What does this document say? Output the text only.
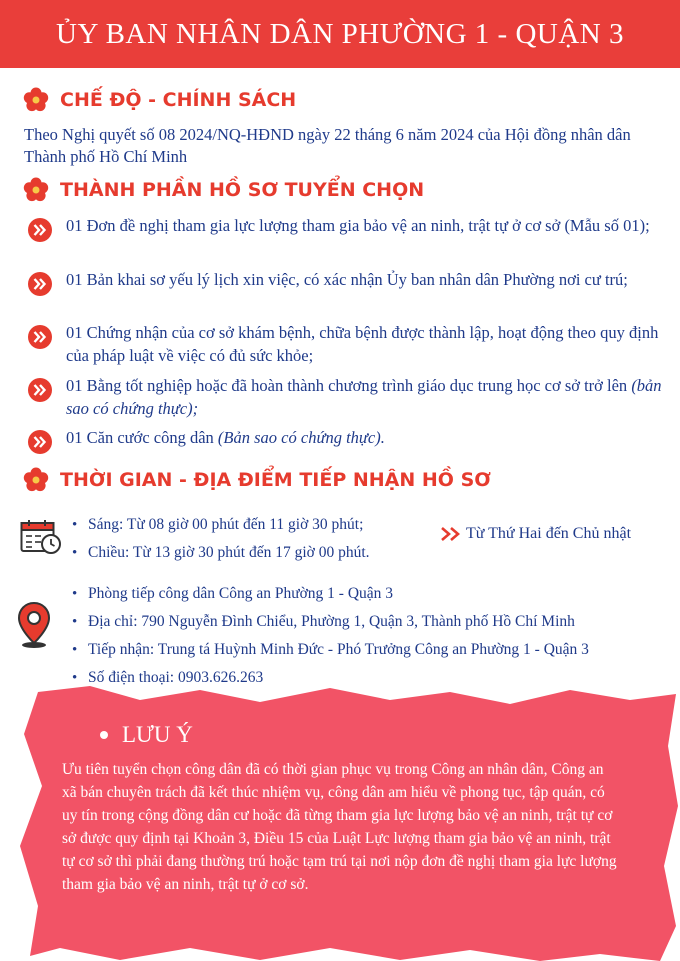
ỦY BAN NHÂN DÂN PHƯỜNG 1 - QUẬN 3
CHẾ ĐỘ - CHÍNH SÁCH
Theo Nghị quyết số 08 2024/NQ-HĐND ngày 22 tháng 6 năm 2024 của Hội đồng nhân dân Thành phố Hồ Chí Minh
THÀNH PHẦN HỒ SƠ TUYỂN CHỌN
01 Đơn đề nghị tham gia lực lượng tham gia bảo vệ an ninh, trật tự ở cơ sở (Mẫu số 01);
01 Bản khai sơ yếu lý lịch xin việc, có xác nhận Ủy ban nhân dân Phường nơi cư trú;
01 Chứng nhận của cơ sở khám bệnh, chữa bệnh được thành lập, hoạt động theo quy định của pháp luật về việc có đủ sức khỏe;
01 Bằng tốt nghiệp hoặc đã hoàn thành chương trình giáo dục trung học cơ sở trở lên (bản sao có chứng thực);
01 Căn cước công dân (Bản sao có chứng thực).
THỜI GIAN - ĐỊA ĐIỂM TIẾP NHẬN HỒ SƠ
• Sáng: Từ 08 giờ 00 phút đến 11 giờ 30 phút;
• Chiều: Từ 13 giờ 30 phút đến 17 giờ 00 phút.
Từ Thứ Hai đến Chủ nhật
• Phòng tiếp công dân Công an Phường 1 - Quận 3
• Địa chỉ: 790 Nguyễn Đình Chiểu, Phường 1, Quận 3, Thành phố Hồ Chí Minh
• Tiếp nhận: Trung tá Huỳnh Minh Đức - Phó Trưởng Công an Phường 1 - Quận 3
• Số điện thoại: 0903.626.263
LƯU Ý
Ưu tiên tuyển chọn công dân đã có thời gian phục vụ trong Công an nhân dân, Công an xã bán chuyên trách đã kết thúc nhiệm vụ, công dân am hiểu về phong tục, tập quán, có uy tín trong cộng đồng dân cư hoặc đã từng tham gia lực lượng bảo vệ an ninh, trật tự cơ sở được quy định tại Khoản 3, Điều 15 của Luật Lực lượng tham gia bảo vệ an ninh, trật tự cơ sở thì phải đang thường trú hoặc tạm trú tại nơi nộp đơn đề nghị tham gia lực lượng tham gia bảo vệ an ninh, trật tự ở cơ sở.
